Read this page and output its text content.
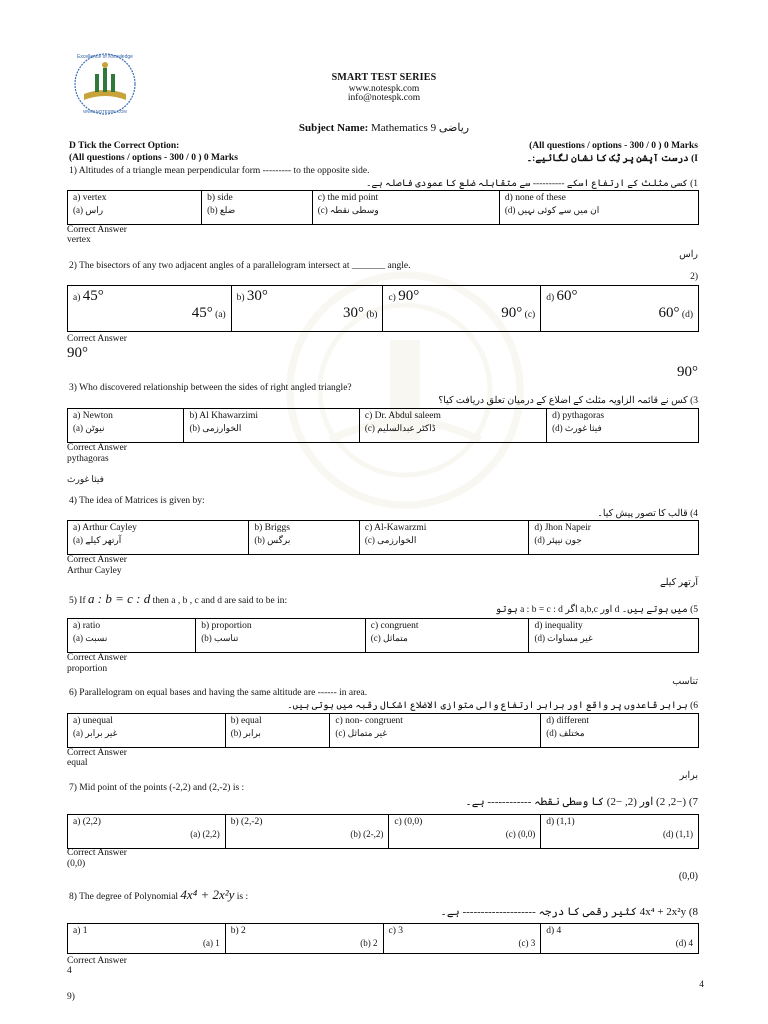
Excellence of Knowledge
WWW.NOTESPK.COM
SMART TEST SERIES
www.notespk.com
info@notespk.com
Subject Name: Mathematics 9 ریاضی
D Tick the Correct Option:	(All questions / options - 300 / 0 ) 0 Marks
(All questions / options - 300 / 0 ) 0 Marks	I) درست آپشن پر ٹِک کا نشان لگائیے:۔
1) Altitudes of a triangle mean perpendicular form --------- to the opposite side.
1) کسی مثلث کے ارتفاع اسکے ---------- سے متقابلہ ضلع کا عمودی فاصلہ ہے۔
a) vertex
راس (a)

b) side
ضلع (b)

c) the mid point
وسطی نقطہ (c)

d) none of these
ان میں سے کوئی نہیں (d)
Correct Answer
vertex
راس
2) The bisectors of any two adjacent angles of a parallelogram intersect at _______ angle.
(2
a) 45°
45° (a)
	b) 30°
30° (b)
	c) 90°
90° (c)
	d) 60°
60° (d)
Correct Answer
90°
90°
3) Who discovered relationship between the sides of right angled triangle?
3) کس نے قائمہ الزاویہ مثلث کے اضلاع کے درمیان تعلق دریافت کیا؟
a) Newton
نیوٹن (a)

b) Al Khawarzimi
الخوارزمی (b)

c) Dr. Abdul saleem
ڈاکٹر عبدالسلیم (c)

d) pythagoras
فیثا غورث (d)
Correct Answer
pythagoras
فیثا غورث
4) The idea of Matrices is given by:
4) قالب کا تصور پیش کیا۔
a) Arthur Cayley
آرتھر کیلے (a)

b) Briggs
برگس (b)

c) Al-Kawarzmi
الخوارزمی (c)

d) Jhon Napeir
جون نیپئر (d)
Correct Answer
Arthur Cayley
آرتھر کیلے
5) If a : b = c : d then a , b , c and d are said to be in:
5) میں ہوتے ہیں۔ d اور a,b,c اگر a : b = c : d ہوتو
a) ratio
نسبت (a)

b) proportion
تناسب (b)

c) congruent
متماثل (c)

d) inequality
غیر مساوات (d)
Correct Answer
proportion
تناسب
6) Parallelogram on equal bases and having the same altitude are ------ in area.
6) برابر قاعدوں پر واقع اور برابر ارتفاع والی متوازی الاضلاع اشکال رقبہ میں ہوتی ہیں۔
a) unequal
غیر برابر (a)

b) equal
برابر (b)

c) non- congruent
غیر متماثل (c)

d) different
مختلف (d)
Correct Answer
equal
برابر
7) Mid point of the points (-2,2) and (2,-2) is :
7) (−2, 2) اور (2, −2) کا وسطی نقطہ ------------ ہے۔
a) (2,2)
(2,2) (a)

b) (2,-2)
(2,-2) (b)

c) (0,0)
(0,0) (c)

d) (1,1)
(1,1) (d)
Correct Answer
(0,0)
(0,0)
8) The degree of Polynomial 4x⁴ + 2x²y is :
8) 4x⁴ + 2x²y کثیر رقمی کا درجہ -------------------- ہے۔
a) 1
1 (a)

b) 2
2 (b)

c) 3
3 (c)

d) 4
4 (d)
Correct Answer
4
4
9)
